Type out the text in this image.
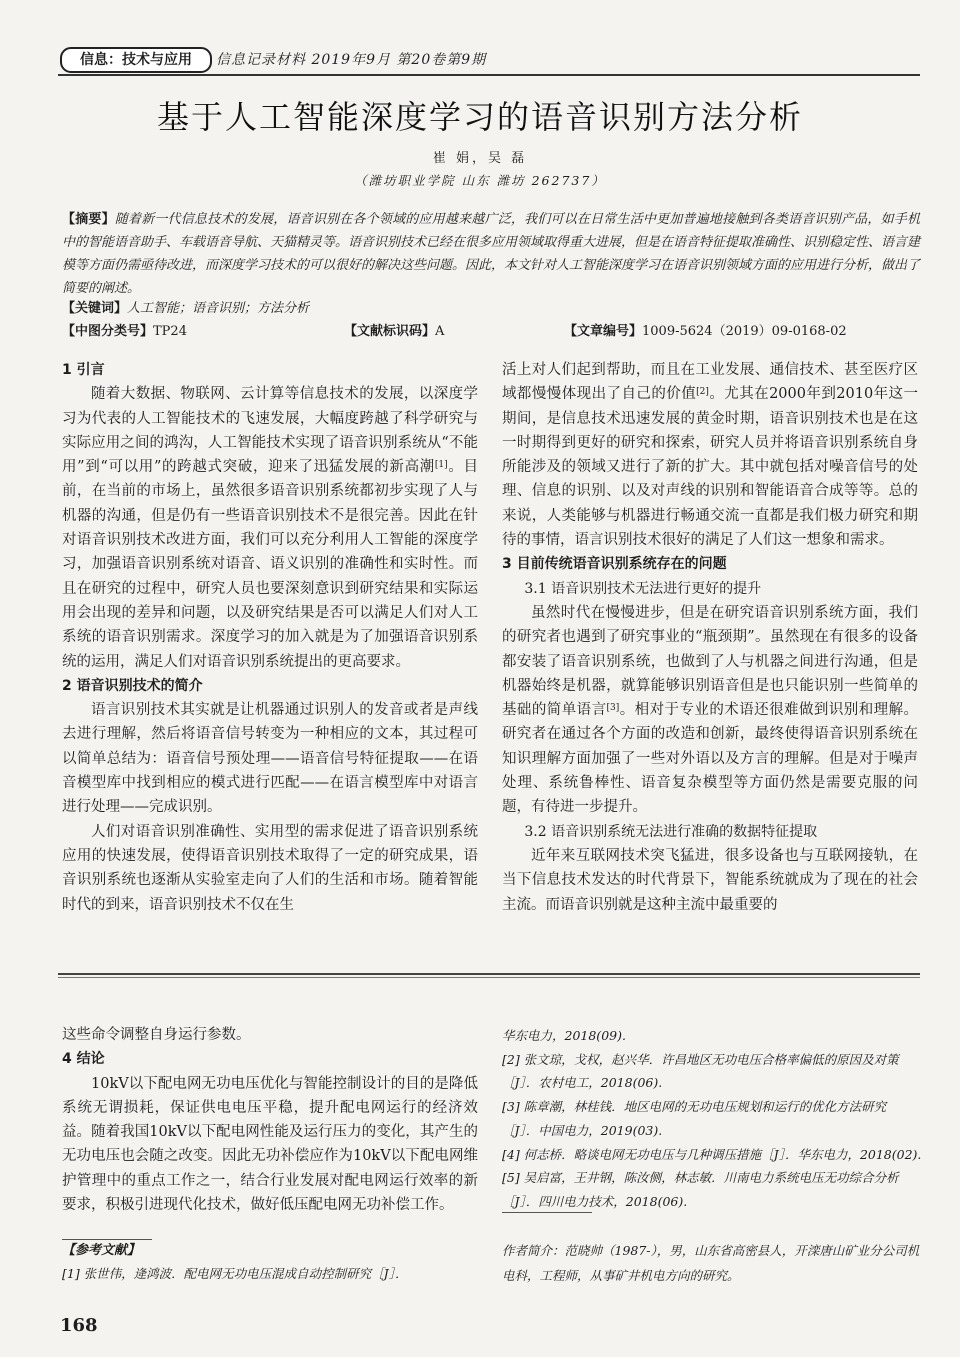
信息：技术与应用	信息记录材料 2019年9月 第20卷第9期
基于人工智能深度学习的语音识别方法分析
崔 娟，吴 磊
（潍坊职业学院 山东 潍坊 262737）
【摘要】随着新一代信息技术的发展，语音识别在各个领域的应用越来越广泛，我们可以在日常生活中更加普遍地接触到各类语音识别产品，如手机中的智能语音助手、车载语音导航、天猫精灵等。语音识别技术已经在很多应用领域取得重大进展，但是在语音特征提取准确性、识别稳定性、语言建模等方面仍需亟待改进，而深度学习技术的可以很好的解决这些问题。因此，本文针对人工智能深度学习在语音识别领域方面的应用进行分析，做出了简要的阐述。
【关键词】人工智能；语音识别；方法分析
【中图分类号】TP24	【文献标识码】A	【文章编号】1009-5624（2019）09-0168-02
1 引言

随着大数据、物联网、云计算等信息技术的发展，以深度学习为代表的人工智能技术的飞速发展，大幅度跨越了科学研究与实际应用之间的鸿沟，人工智能技术实现了语音识别系统从“不能用”到“可以用”的跨越式突破，迎来了迅猛发展的新高潮[1]。目前，在当前的市场上，虽然很多语音识别系统都初步实现了人与机器的沟通，但是仍有一些语音识别技术不是很完善。因此在针对语音识别技术改进方面，我们可以充分利用人工智能的深度学习，加强语音识别系统对语音、语义识别的准确性和实时性。而且在研究的过程中，研究人员也要深刻意识到研究结果和实际运用会出现的差异和问题，以及研究结果是否可以满足人们对人工系统的语音识别需求。深度学习的加入就是为了加强语音识别系统的运用，满足人们对语音识别系统提出的更高要求。

2 语音识别技术的简介

语言识别技术其实就是让机器通过识别人的发音或者是声线去进行理解，然后将语音信号转变为一种相应的文本，其过程可以简单总结为：语音信号预处理——语音信号特征提取——在语音模型库中找到相应的模式进行匹配——在语言模型库中对语言进行处理——完成识别。

人们对语音识别准确性、实用型的需求促进了语音识别系统应用的快速发展，使得语音识别技术取得了一定的研究成果，语音识别系统也逐渐从实验室走向了人们的生活和市场。随着智能时代的到来，语音识别技术不仅在生

活上对人们起到帮助，而且在工业发展、通信技术、甚至医疗区域都慢慢体现出了自己的价值[2]。尤其在2000年到2010年这一期间，是信息技术迅速发展的黄金时期，语音识别技术也是在这一时期得到更好的研究和探索，研究人员并将语音识别系统自身所能涉及的领域又进行了新的扩大。其中就包括对噪音信号的处理、信息的识别、以及对声线的识别和智能语音合成等等。总的来说，人类能够与机器进行畅通交流一直都是我们极力研究和期待的事情，语言识别技术很好的满足了人们这一想象和需求。

3 目前传统语音识别系统存在的问题
3.1 语音识别技术无法进行更好的提升

虽然时代在慢慢进步，但是在研究语音识别系统方面，我们的研究者也遇到了研究事业的“瓶颈期”。虽然现在有很多的设备都安装了语音识别系统，也做到了人与机器之间进行沟通，但是机器始终是机器，就算能够识别语音但是也只能识别一些简单的基础的简单语言[3]。相对于专业的术语还很难做到识别和理解。研究者在通过各个方面的改造和创新，最终使得语音识别系统在知识理解方面加强了一些对外语以及方言的理解。但是对于噪声处理、系统鲁棒性、语音复杂模型等方面仍然是需要克服的问题，有待进一步提升。

3.2 语音识别系统无法进行准确的数据特征提取

近年来互联网技术突飞猛进，很多设备也与互联网接轨，在当下信息技术发达的时代背景下，智能系统就成为了现在的社会主流。而语音识别就是这种主流中最重要的

这些命令调整自身运行参数。

4 结论

10kV以下配电网无功电压优化与智能控制设计的目的是降低系统无谓损耗，保证供电电压平稳，提升配电网运行的经济效益。随着我国10kV以下配电网性能及运行压力的变化，其产生的无功电压也会随之改变。因此无功补偿应作为10kV以下配电网维护管理中的重点工作之一，结合行业发展对配电网运行效率的新要求，积极引进现代化技术，做好低压配电网无功补偿工作。

【参考文献】
[1] 张世伟，逄鸿波．配电网无功电压混成自动控制研究［J］．
华东电力，2018(09).
[2] 张文琼，戈权，赵兴华．许昌地区无功电压合格率偏低的原因及对策［J］．农村电工，2018(06).
[3] 陈章潮，林桂钱．地区电网的无功电压规划和运行的优化方法研究［J］．中国电力，2019(03).
[4] 何志桥．略谈电网无功电压与几种调压措施［J］．华东电力，2018(02).
[5] 吴启富，王井钢，陈汝侧，林志敏．川南电力系统电压无功综合分析［J］．四川电力技术，2018(06).
作者简介：范晓帅（1987-），男，山东省高密县人，开滦唐山矿业分公司机电科，工程师，从事矿井机电方向的研究。
168
